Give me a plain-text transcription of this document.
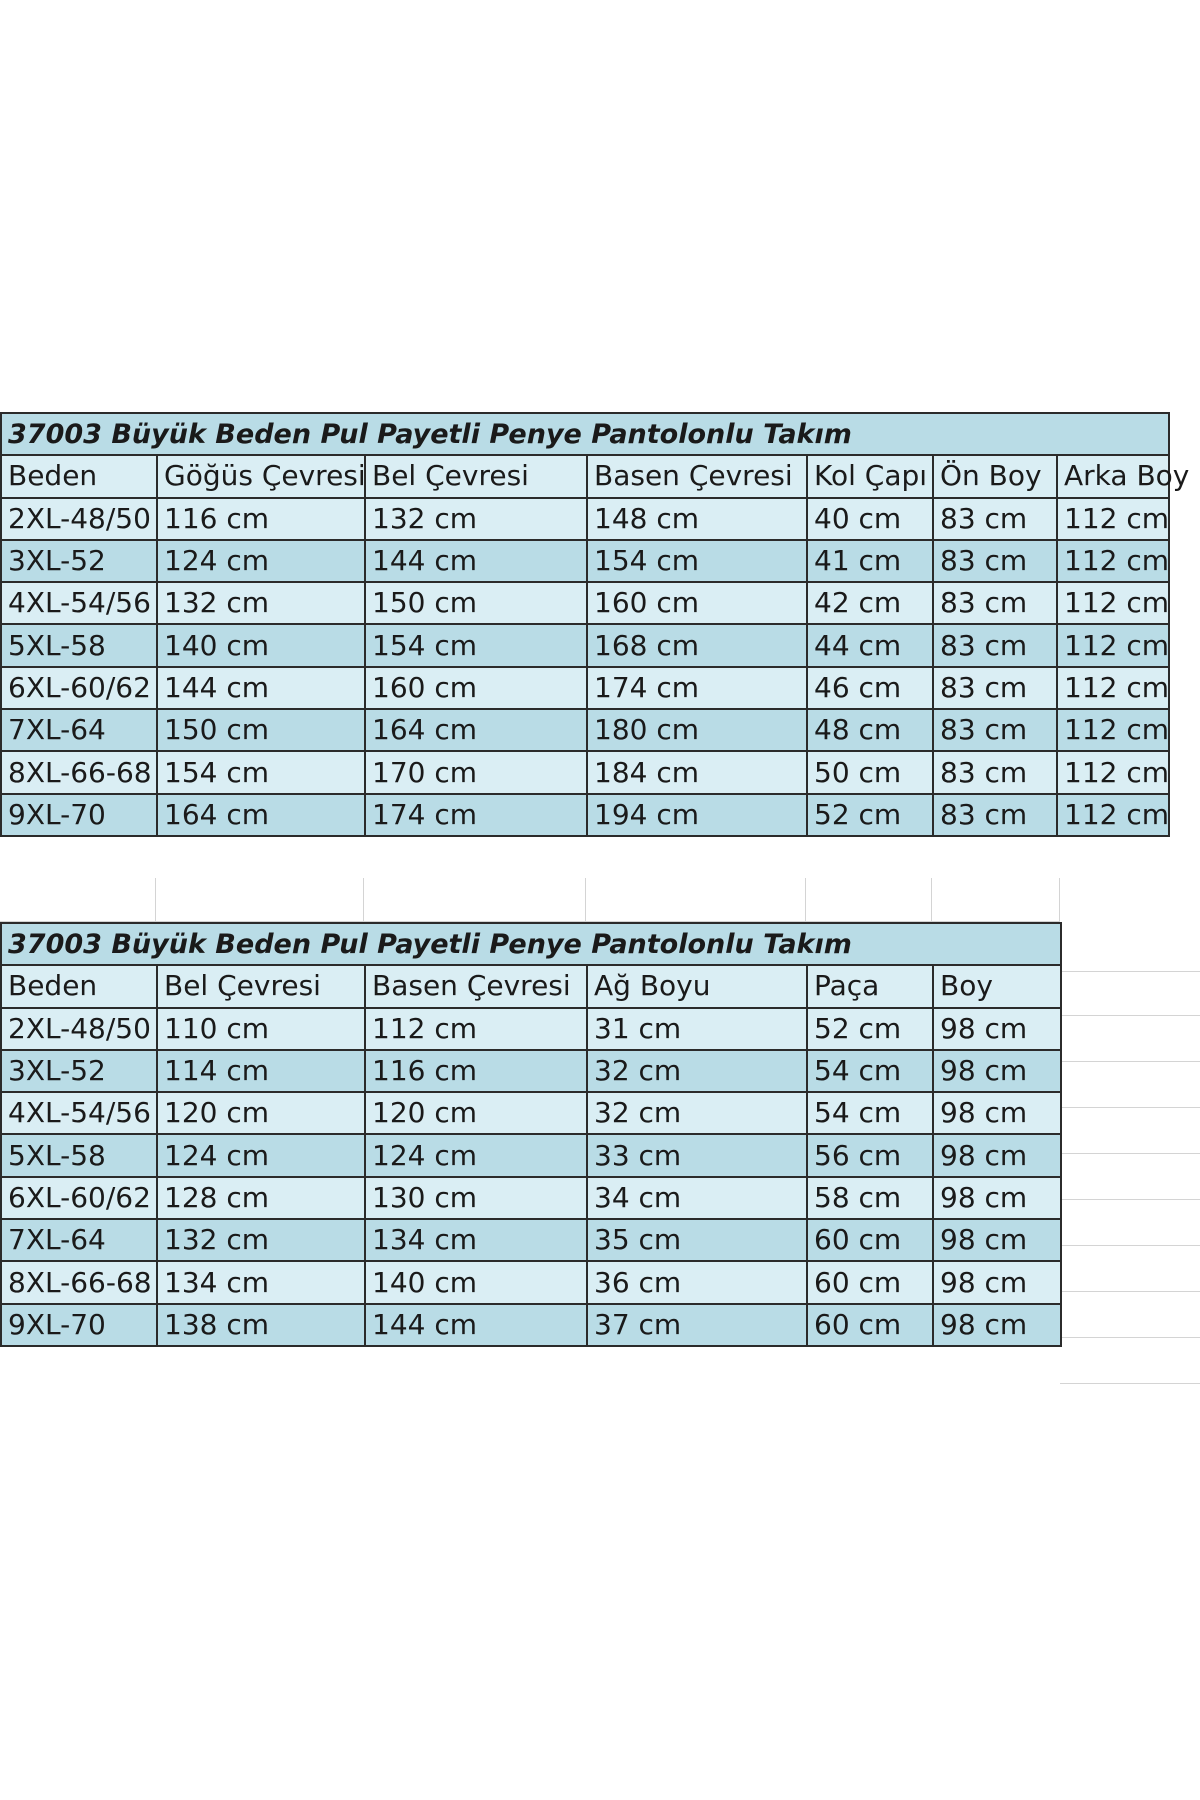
37003 Büyük Beden Pul Payetli Penye Pantolonlu Takım						
Beden	Göğüs Çevresi	Bel Çevresi	Basen Çevresi	Kol Çapı	Ön Boy	Arka Boy
2XL-48/50	116 cm	132 cm	148 cm	40 cm	83 cm	112 cm
3XL-52	124 cm	144 cm	154 cm	41 cm	83 cm	112 cm
4XL-54/56	132 cm	150 cm	160 cm	42 cm	83 cm	112 cm
5XL-58	140 cm	154 cm	168 cm	44 cm	83 cm	112 cm
6XL-60/62	144 cm	160 cm	174 cm	46 cm	83 cm	112 cm
7XL-64	150 cm	164 cm	180 cm	48 cm	83 cm	112 cm
8XL-66-68	154 cm	170 cm	184 cm	50 cm	83 cm	112 cm
9XL-70	164 cm	174 cm	194 cm	52 cm	83 cm	112 cm
37003 Büyük Beden Pul Payetli Penye Pantolonlu Takım					
Beden	Bel Çevresi	Basen Çevresi	Ağ Boyu	Paça	Boy
2XL-48/50	110 cm	112 cm	31 cm	52 cm	98 cm
3XL-52	114 cm	116 cm	32 cm	54 cm	98 cm
4XL-54/56	120 cm	120 cm	32 cm	54 cm	98 cm
5XL-58	124 cm	124 cm	33 cm	56 cm	98 cm
6XL-60/62	128 cm	130 cm	34 cm	58 cm	98 cm
7XL-64	132 cm	134 cm	35 cm	60 cm	98 cm
8XL-66-68	134 cm	140 cm	36 cm	60 cm	98 cm
9XL-70	138 cm	144 cm	37 cm	60 cm	98 cm
